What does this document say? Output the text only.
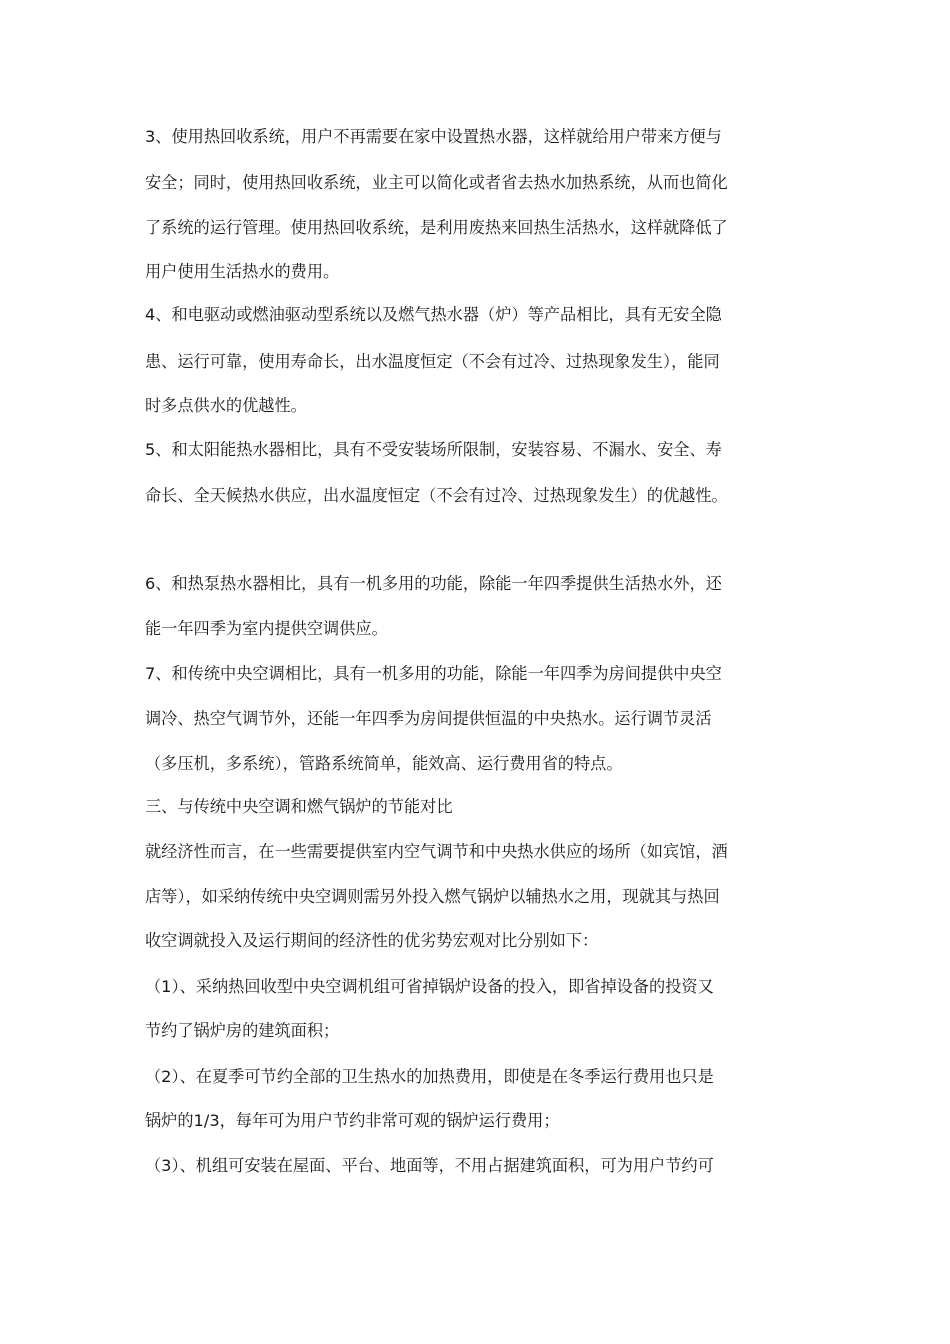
3、使用热回收系统，用户不再需要在家中设置热水器，这样就给用户带来方便与
安全；同时，使用热回收系统，业主可以简化或者省去热水加热系统，从而也简化
了系统的运行管理。使用热回收系统，是利用废热来回热生活热水，这样就降低了
用户使用生活热水的费用。
4、和电驱动或燃油驱动型系统以及燃气热水器（炉）等产品相比，具有无安全隐
患、运行可靠，使用寿命长，出水温度恒定（不会有过冷、过热现象发生），能同
时多点供水的优越性。
5、和太阳能热水器相比，具有不受安装场所限制，安装容易、不漏水、安全、寿
命长、全天候热水供应，出水温度恒定（不会有过冷、过热现象发生）的优越性。
6、和热泵热水器相比，具有一机多用的功能，除能一年四季提供生活热水外，还
能一年四季为室内提供空调供应。
7、和传统中央空调相比，具有一机多用的功能，除能一年四季为房间提供中央空
调冷、热空气调节外，还能一年四季为房间提供恒温的中央热水。运行调节灵活
（多压机，多系统），管路系统简单，能效高、运行费用省的特点。
三、与传统中央空调和燃气锅炉的节能对比
就经济性而言，在一些需要提供室内空气调节和中央热水供应的场所（如宾馆，酒
店等），如采纳传统中央空调则需另外投入燃气锅炉以辅热水之用，现就其与热回
收空调就投入及运行期间的经济性的优劣势宏观对比分别如下：
（1）、采纳热回收型中央空调机组可省掉锅炉设备的投入，即省掉设备的投资又
节约了锅炉房的建筑面积；
（2）、在夏季可节约全部的卫生热水的加热费用，即使是在冬季运行费用也只是
锅炉的1/3，每年可为用户节约非常可观的锅炉运行费用；
（3）、机组可安装在屋面、平台、地面等，不用占据建筑面积，可为用户节约可
